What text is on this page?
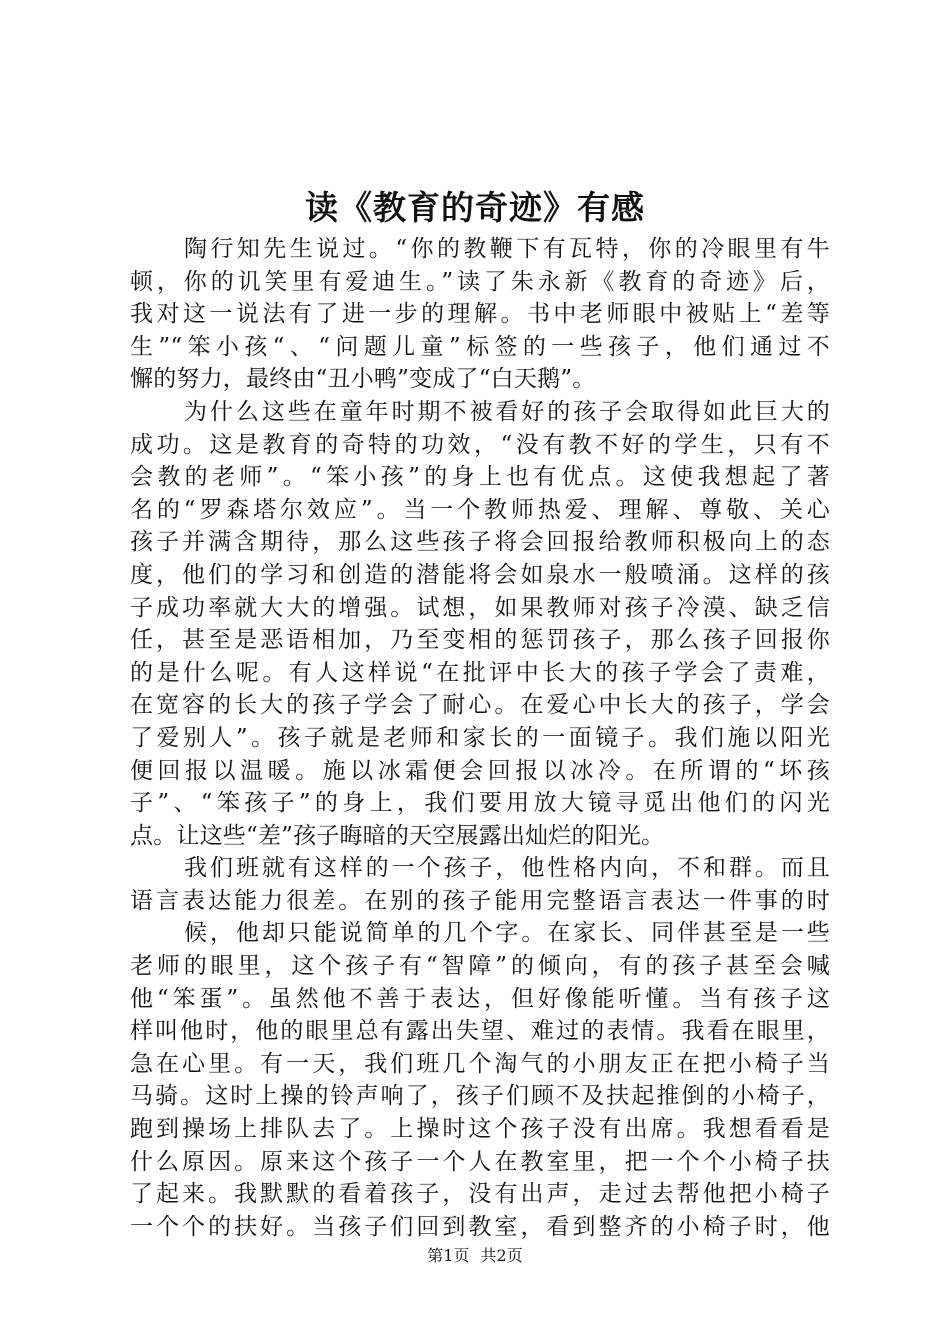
读《教育的奇迹》有感
陶行知先生说过。“你的教鞭下有瓦特，你的冷眼里有牛
顿，你的讥笑里有爱迪生。”读了朱永新《教育的奇迹》后，
我对这一说法有了进一步的理解。书中老师眼中被贴上“差等
生”“笨小孩“、“问题儿童”标签的一些孩子，他们通过不
懈的努力，最终由“丑小鸭”变成了“白天鹅”。
为什么这些在童年时期不被看好的孩子会取得如此巨大的
成功。这是教育的奇特的功效，“没有教不好的学生，只有不
会教的老师”。“笨小孩”的身上也有优点。这使我想起了著
名的“罗森塔尔效应”。当一个教师热爱、理解、尊敬、关心
孩子并满含期待，那么这些孩子将会回报给教师积极向上的态
度，他们的学习和创造的潜能将会如泉水一般喷涌。这样的孩
子成功率就大大的增强。试想，如果教师对孩子冷漠、缺乏信
任，甚至是恶语相加，乃至变相的惩罚孩子，那么孩子回报你
的是什么呢。有人这样说“在批评中长大的孩子学会了责难，
在宽容的长大的孩子学会了耐心。在爱心中长大的孩子，学会
了爱别人”。孩子就是老师和家长的一面镜子。我们施以阳光
便回报以温暖。施以冰霜便会回报以冰冷。在所谓的“坏孩
子”、“笨孩子”的身上，我们要用放大镜寻觅出他们的闪光
点。让这些“差”孩子晦暗的天空展露出灿烂的阳光。
我们班就有这样的一个孩子，他性格内向，不和群。而且
语言表达能力很差。在别的孩子能用完整语言表达一件事的时
候，他却只能说简单的几个字。在家长、同伴甚至是一些
老师的眼里，这个孩子有“智障”的倾向，有的孩子甚至会喊
他“笨蛋”。虽然他不善于表达，但好像能听懂。当有孩子这
样叫他时，他的眼里总有露出失望、难过的表情。我看在眼里，
急在心里。有一天，我们班几个淘气的小朋友正在把小椅子当
马骑。这时上操的铃声响了，孩子们顾不及扶起推倒的小椅子，
跑到操场上排队去了。上操时这个孩子没有出席。我想看看是
什么原因。原来这个孩子一个人在教室里，把一个个小椅子扶
了起来。我默默的看着孩子，没有出声，走过去帮他把小椅子
一个个的扶好。当孩子们回到教室，看到整齐的小椅子时，他
第1页 共2页
